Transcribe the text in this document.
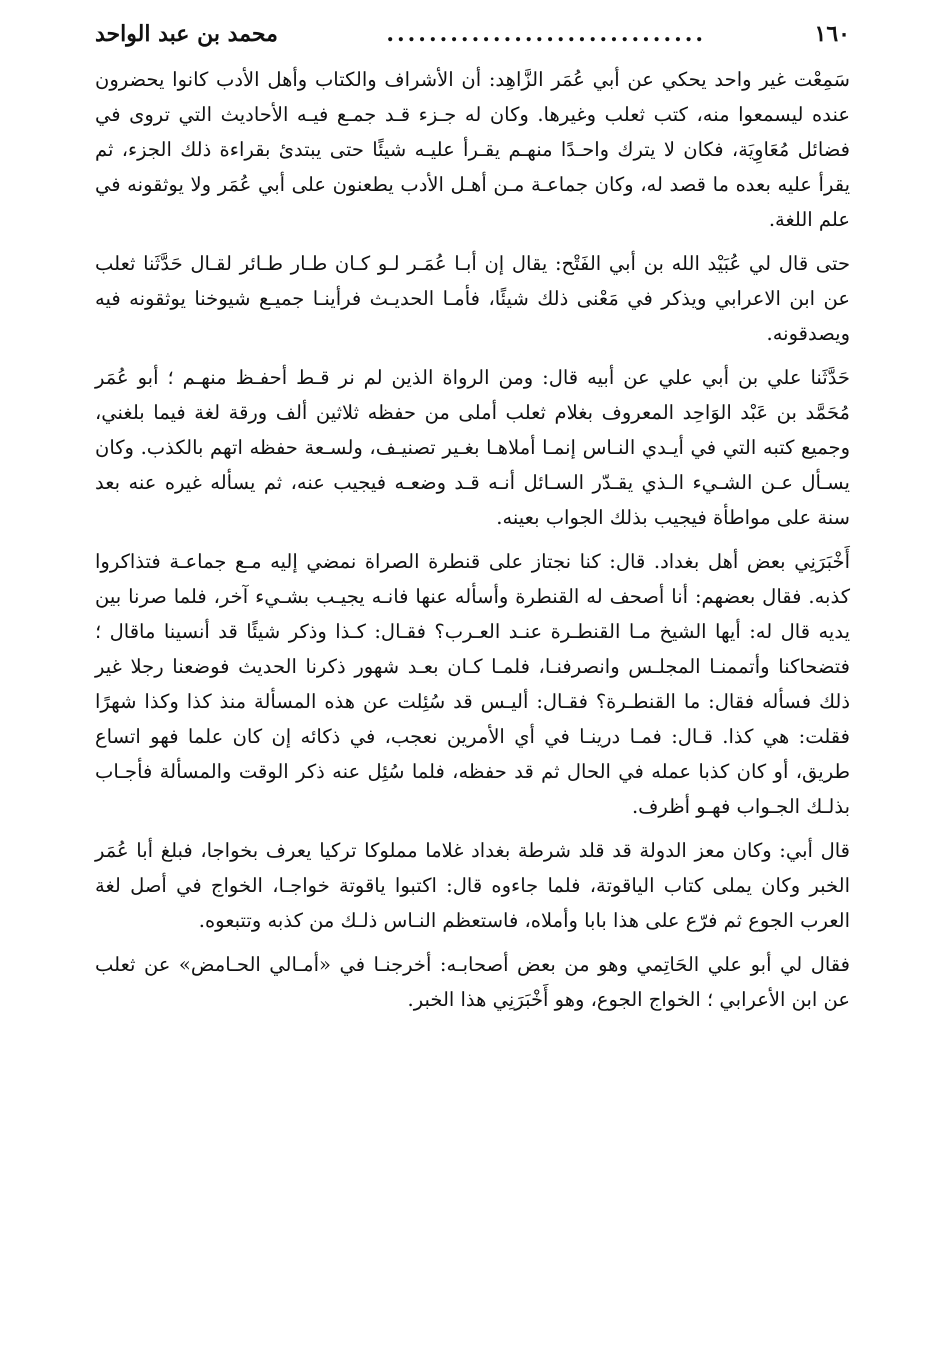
١٦٠
..............................
محمد بن عبد الواحد

سَمِعْت غير واحد يحكي عن أبي عُمَر الزَّاهِد: أن الأشراف والكتاب وأهل الأدب كانوا يحضرون عنده ليسمعوا منه، كتب ثعلب وغيرها. وكان له جـزء قـد جمـع فيـه الأحاديث التي تروى في فضائل مُعَاوِيَة، فكان لا يترك واحـدًا منهـم يقـرأ عليـه شيئًا حتى يبتدئ بقراءة ذلك الجزء، ثم يقرأ عليه بعده ما قصد له، وكان جماعـة مـن أهـل الأدب يطعنون على أبي عُمَر ولا يوثقونه في علم اللغة.

حتى قال لي عُبَيْد الله بن أبي الفَتْح: يقال إن أبـا عُمَـر لـو كـان طـار طـائر لقـال حَدَّثَنا ثعلب عن ابن الاعرابي ويذكر في مَعْنى ذلك شيئًا، فأمـا الحديـث فرأينـا جميـع شيوخنا يوثقونه فيه ويصدقونه.

حَدَّثَنا علي بن أبي علي عن أبيه قال: ومن الرواة الذين لم نر قـط أحفـظ منهـم ؛ أبو عُمَر مُحَمَّد بن عَبْد الوَاحِد المعروف بغلام ثعلب أملى من حفظه ثلاثين ألف ورقة لغة فيما بلغني، وجميع كتبه التي في أيـدي النـاس إنمـا أملاهـا بغـير تصنيـف، ولسـعة حفظه اتهم بالكذب. وكان يسـأل عـن الشـيء الـذي يقـدّر السـائل أنـه قـد وضعـه فيجيب عنه، ثم يسأله غيره عنه بعد سنة على مواطأة فيجيب بذلك الجواب بعينه.

أَخْبَرَنِي بعض أهل بغداد. قال: كنا نجتاز على قنطرة الصراة نمضي إليه مـع جماعـة فتذاكروا كذبه. فقال بعضهم: أنا أصحف له القنطرة وأسأله عنها فانـه يجيـب بشـيء آخر، فلما صرنا بين يديه قال له: أيها الشيخ مـا القنطـرة عنـد العـرب؟ فقـال: كـذا وذكر شيئًا قد أنسينا ماقال ؛ فتضحاكنا وأتممنـا المجلـس وانصرفنـا، فلمـا كـان بعـد شهور ذكرنا الحديث فوضعنا رجلا غير ذلك فسأله فقال: ما القنطـرة؟ فقـال: أليـس قد سُئِلت عن هذه المسألة منذ كذا وكذا شهرًا فقلت: هي كذا. قـال: فمـا درينـا في أي الأمرين نعجب، في ذكائه إن كان علما فهو اتساع طريق، أو كان كذبا عمله في الحال ثم قد حفظه، فلما سُئِل عنه ذكر الوقت والمسألة فأجـاب بذلـك الجـواب فهـو أظرف.

قال أبي: وكان معز الدولة قد قلد شرطة بغداد غلاما مملوكا تركيا يعرف بخواجا، فبلغ أبا عُمَر الخبر وكان يملى كتاب الياقوتة، فلما جاءوه قال: اكتبوا ياقوتة خواجـا، الخواج في أصل لغة العرب الجوع ثم فرّع على هذا بابا وأملاه، فاستعظم النـاس ذلـك من كذبه وتتبعوه.

فقال لي أبو علي الحَاتِمي وهو من بعض أصحابـه: أخرجنـا في «أمـالي الحـامض» عن ثعلب عن ابن الأعرابي ؛ الخواج الجوع، وهو أَخْبَرَنِي هذا الخبر.
